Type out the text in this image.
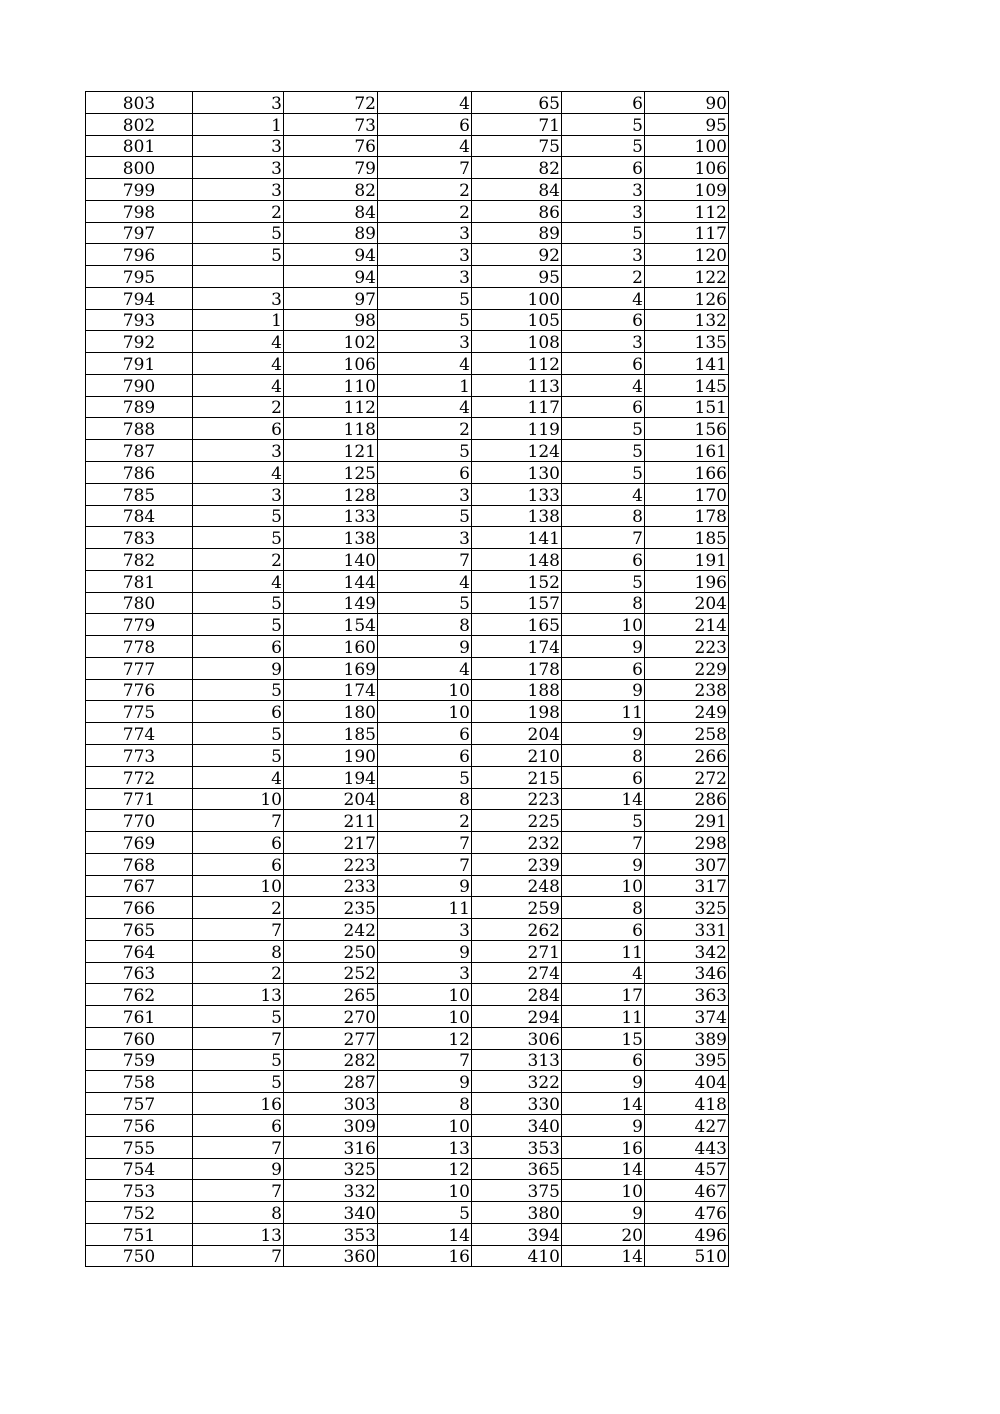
803	3	72	4	65	6	90
802	1	73	6	71	5	95
801	3	76	4	75	5	100
800	3	79	7	82	6	106
799	3	82	2	84	3	109
798	2	84	2	86	3	112
797	5	89	3	89	5	117
796	5	94	3	92	3	120
795		94	3	95	2	122
794	3	97	5	100	4	126
793	1	98	5	105	6	132
792	4	102	3	108	3	135
791	4	106	4	112	6	141
790	4	110	1	113	4	145
789	2	112	4	117	6	151
788	6	118	2	119	5	156
787	3	121	5	124	5	161
786	4	125	6	130	5	166
785	3	128	3	133	4	170
784	5	133	5	138	8	178
783	5	138	3	141	7	185
782	2	140	7	148	6	191
781	4	144	4	152	5	196
780	5	149	5	157	8	204
779	5	154	8	165	10	214
778	6	160	9	174	9	223
777	9	169	4	178	6	229
776	5	174	10	188	9	238
775	6	180	10	198	11	249
774	5	185	6	204	9	258
773	5	190	6	210	8	266
772	4	194	5	215	6	272
771	10	204	8	223	14	286
770	7	211	2	225	5	291
769	6	217	7	232	7	298
768	6	223	7	239	9	307
767	10	233	9	248	10	317
766	2	235	11	259	8	325
765	7	242	3	262	6	331
764	8	250	9	271	11	342
763	2	252	3	274	4	346
762	13	265	10	284	17	363
761	5	270	10	294	11	374
760	7	277	12	306	15	389
759	5	282	7	313	6	395
758	5	287	9	322	9	404
757	16	303	8	330	14	418
756	6	309	10	340	9	427
755	7	316	13	353	16	443
754	9	325	12	365	14	457
753	7	332	10	375	10	467
752	8	340	5	380	9	476
751	13	353	14	394	20	496
750	7	360	16	410	14	510
